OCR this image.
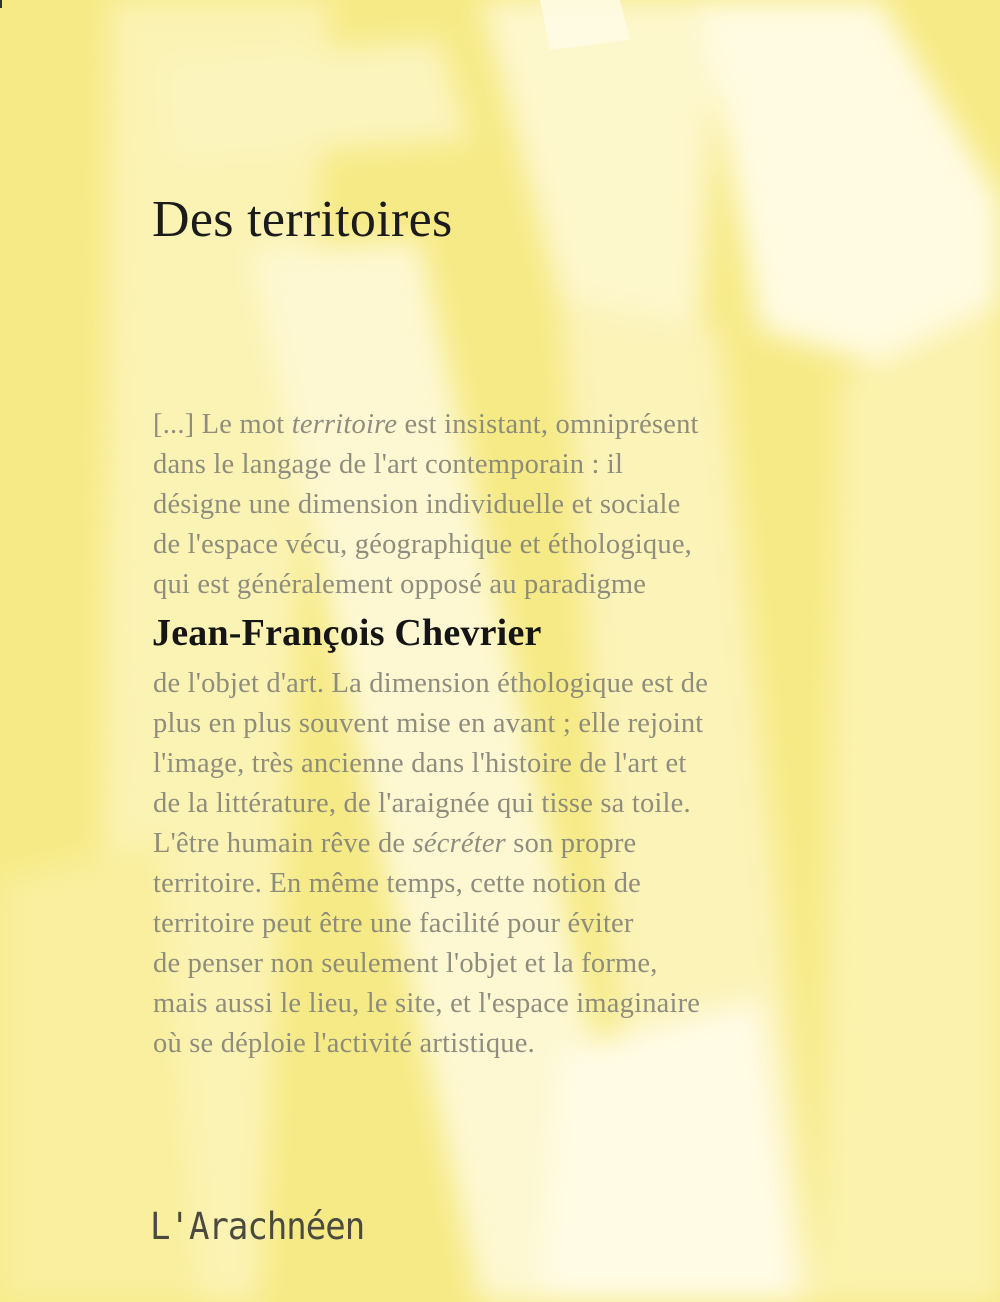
Des territoires
[...] Le mot territoire est insistant, omniprésent
dans le langage de l'art contemporain : il
désigne une dimension individuelle et sociale
de l'espace vécu, géographique et éthologique,
qui est généralement opposé au paradigme
Jean-François Chevrier
de l'objet d'art. La dimension éthologique est de
plus en plus souvent mise en avant ; elle rejoint
l'image, très ancienne dans l'histoire de l'art et
de la littérature, de l'araignée qui tisse sa toile.
L'être humain rêve de sécréter son propre
territoire. En même temps, cette notion de
territoire peut être une facilité pour éviter
de penser non seulement l'objet et la forme,
mais aussi le lieu, le site, et l'espace imaginaire
où se déploie l'activité artistique.
L'Arachnéen
